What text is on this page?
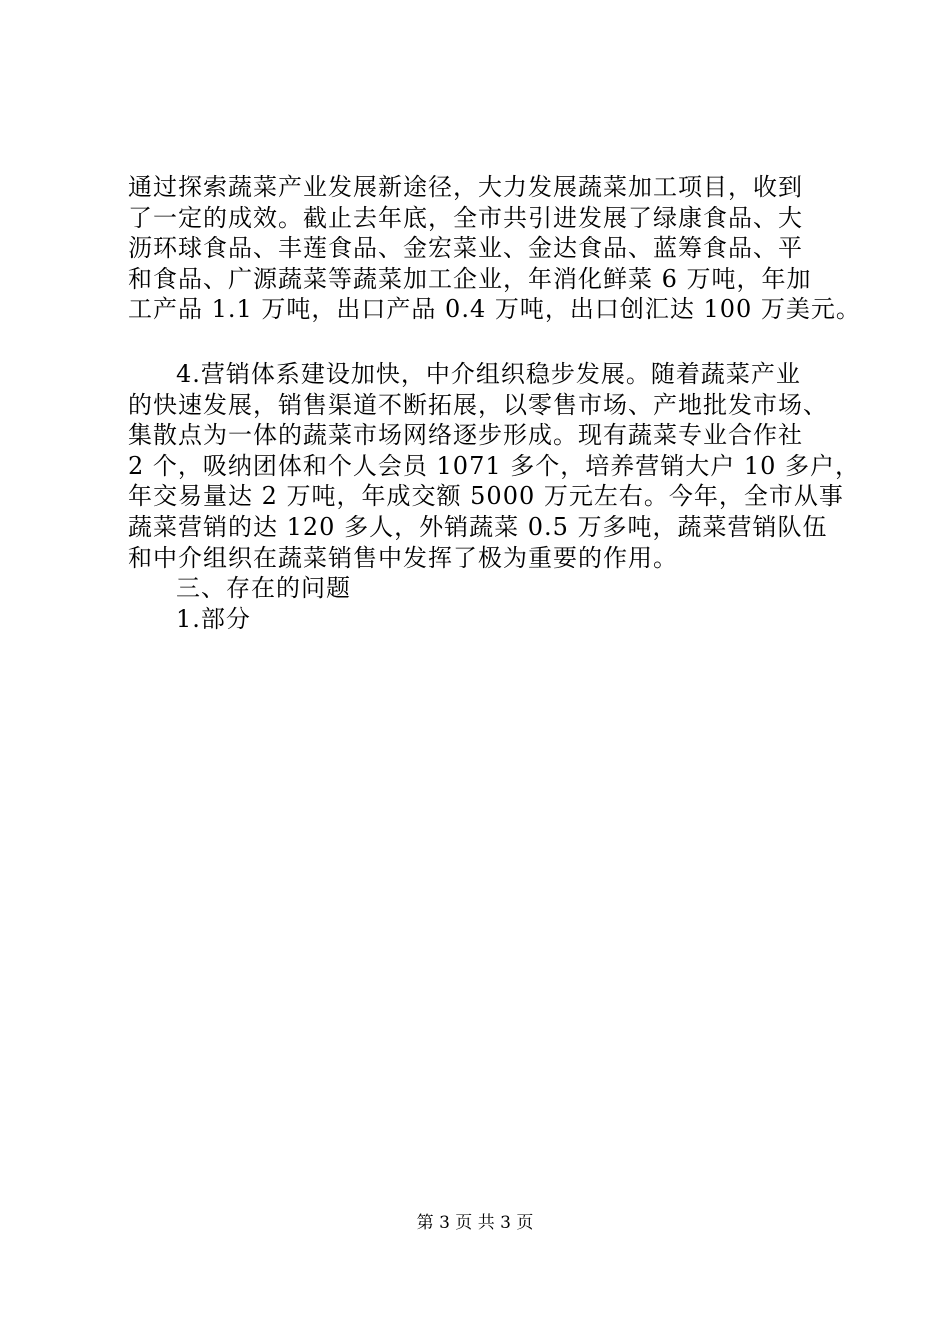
通过探索蔬菜产业发展新途径，大力发展蔬菜加工项目，收到
了一定的成效。截止去年底，全市共引进发展了绿康食品、大
沥环球食品、丰莲食品、金宏菜业、金达食品、蓝筹食品、平
和食品、广源蔬菜等蔬菜加工企业，年消化鲜菜 6 万吨，年加
工产品 1.1 万吨，出口产品 0.4 万吨，出口创汇达 100 万美元。
4.营销体系建设加快，中介组织稳步发展。随着蔬菜产业
的快速发展，销售渠道不断拓展，以零售市场、产地批发市场、
集散点为一体的蔬菜市场网络逐步形成。现有蔬菜专业合作社
2 个，吸纳团体和个人会员 1071 多个，培养营销大户 10 多户，
年交易量达 2 万吨，年成交额 5000 万元左右。今年，全市从事
蔬菜营销的达 120 多人，外销蔬菜 0.5 万多吨，蔬菜营销队伍
和中介组织在蔬菜销售中发挥了极为重要的作用。
三、存在的问题
1.部分
第 3 页 共 3 页
